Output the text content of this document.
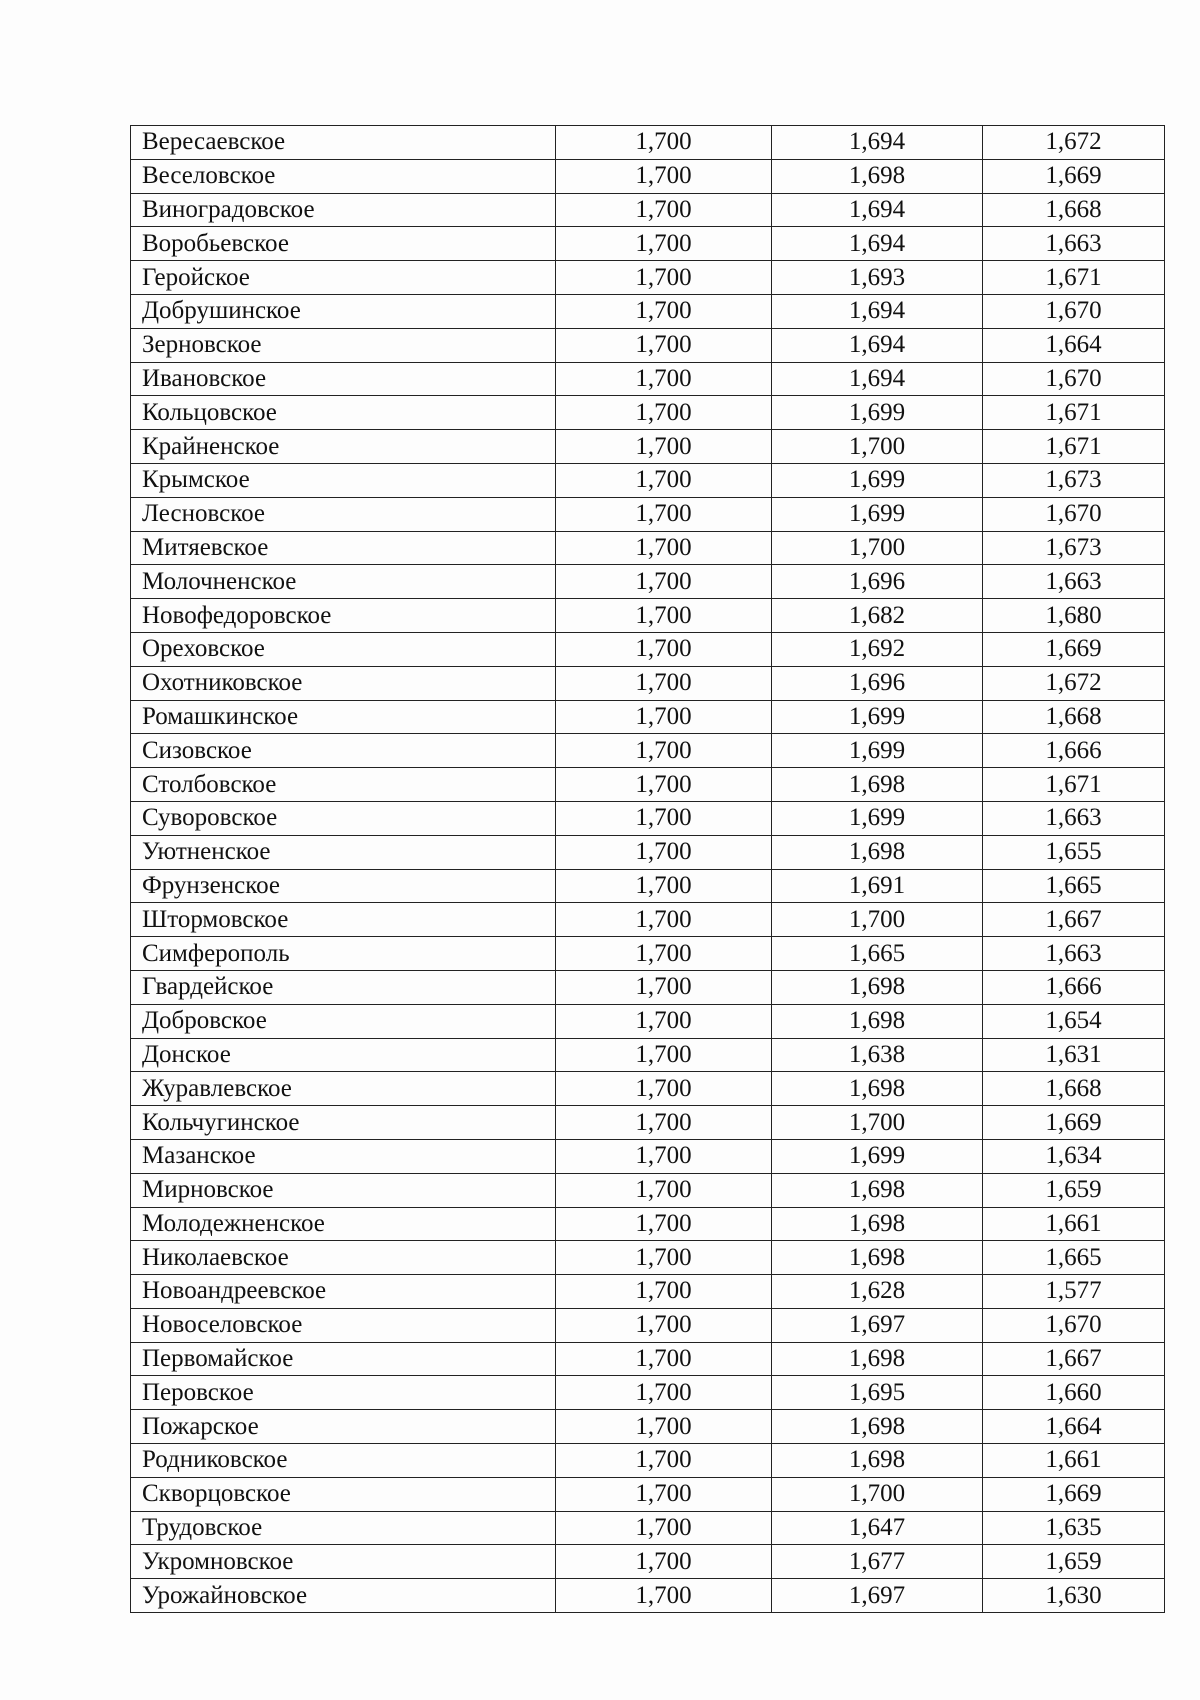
Вересаевское	1,700	1,694	1,672
Веселовское	1,700	1,698	1,669
Виноградовское	1,700	1,694	1,668
Воробьевское	1,700	1,694	1,663
Геройское	1,700	1,693	1,671
Добрушинское	1,700	1,694	1,670
Зерновское	1,700	1,694	1,664
Ивановское	1,700	1,694	1,670
Кольцовское	1,700	1,699	1,671
Крайненское	1,700	1,700	1,671
Крымское	1,700	1,699	1,673
Лесновское	1,700	1,699	1,670
Митяевское	1,700	1,700	1,673
Молочненское	1,700	1,696	1,663
Новофедоровское	1,700	1,682	1,680
Ореховское	1,700	1,692	1,669
Охотниковское	1,700	1,696	1,672
Ромашкинское	1,700	1,699	1,668
Сизовское	1,700	1,699	1,666
Столбовское	1,700	1,698	1,671
Суворовское	1,700	1,699	1,663
Уютненское	1,700	1,698	1,655
Фрунзенское	1,700	1,691	1,665
Штормовское	1,700	1,700	1,667
Симферополь	1,700	1,665	1,663
Гвардейское	1,700	1,698	1,666
Добровское	1,700	1,698	1,654
Донское	1,700	1,638	1,631
Журавлевское	1,700	1,698	1,668
Кольчугинское	1,700	1,700	1,669
Мазанское	1,700	1,699	1,634
Мирновское	1,700	1,698	1,659
Молодежненское	1,700	1,698	1,661
Николаевское	1,700	1,698	1,665
Новоандреевское	1,700	1,628	1,577
Новоселовское	1,700	1,697	1,670
Первомайское	1,700	1,698	1,667
Перовское	1,700	1,695	1,660
Пожарское	1,700	1,698	1,664
Родниковское	1,700	1,698	1,661
Скворцовское	1,700	1,700	1,669
Трудовское	1,700	1,647	1,635
Укромновское	1,700	1,677	1,659
Урожайновское	1,700	1,697	1,630
